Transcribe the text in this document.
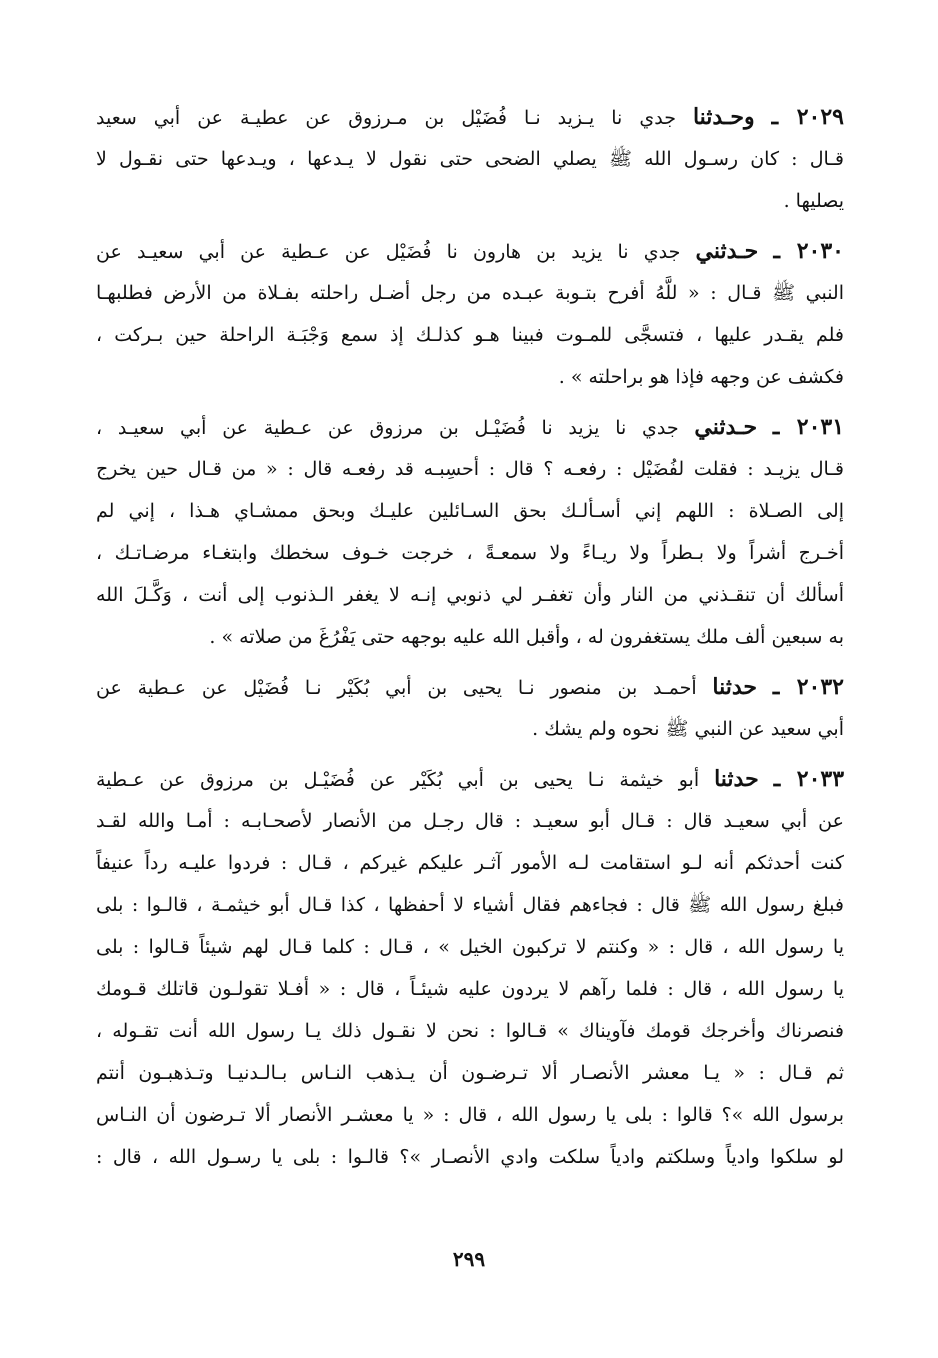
٢٠٢٩ ـ وحـدثنا جدي نا يـزيد نـا فُضَيْل بن مـرزوق عن عطيـة عن أبي سعيد
قـال : كان رسـول الله ﷺ يصلي الضحى حتى نقول لا يـدعها ، ويـدعها حتى نقـول لا
يصليها .
٢٠٣٠ ـ حـدثني جدي نا يزيد بن هارون نا فُضَيْل عن عـطية عن أبي سعيـد عن
النبي ﷺ قـال : « للَّهُ أفرح بتـوبة عبـده من رجل أضـل راحلته بفـلاة من الأرض فطلبهـا
فلم يقـدر عليها ، فتسجَّى للمـوت فبينا هـو كذلـك إذ سمع وَجْبَـة الراحلة حين بـركت ،
فكشف عن وجهه فإذا هو براحلته » .
٢٠٣١ ـ حـدثني جدي نا يزيد نا فُضَيْـل بن مرزوق عن عـطية عن أبي سعيـد ،
قـال يزيـد : فقلت لفُضَيْل : رفعـه ؟ قال : أحسِبـه قد رفعـه قال : « من قـال حين يخرج
إلى الصـلاة : اللهم إني أسـألـك بحق السـائلين عليـك وبحق ممشـاي هـذا ، إني لم
أخـرج أشراً ولا بـطراً ولا ريـاءً ولا سمعـةً ، خرجت خـوف سخطك وابتغـاء مرضـاتـك ،
أسألك أن تنقـذني من النار وأن تغفـر لي ذنوبي إنـه لا يغفر الـذنوب إلى أنت ، وَكَّـلَ الله
به سبعين ألف ملك يستغفرون له ، وأقبل الله عليه بوجهه حتى يَفْرُغَ من صلاته » .
٢٠٣٢ ـ حدثنا أحمـد بن منصور نـا يحيى بن أبي بُكَيْر نـا فُضَيْل عن عـطية عن
أبي سعيد عن النبي ﷺ نحوه ولم يشك .
٢٠٣٣ ـ حدثنا أبو خيثمة نـا يحيى بن أبي بُكَيْر عن فُضَيْـل بن مرزوق عن عـطية
عن أبي سعيـد قال : قـال أبو سعيـد : قال رجـل من الأنصار لأصحـابـه : أمـا والله لقـد
كنت أحدثكم أنه لـو استقامت لـه الأمور آثـر عليكم غيركم ، قـال : فردوا عليـه رداً عنيفاً
فبلغ رسول الله ﷺ قال : فجاءهم فقال أشياء لا أحفظها ، كذا قـال أبو خيثمـة ، قالـوا : بلى
يا رسول الله ، قال : « وكنتم لا تركبون الخيل » ، قـال : كلما قـال لهم شيئاً قـالوا : بلى
يا رسول الله ، قال : فلما رآهم لا يردون عليه شيئـاً ، قال : « أفـلا تقولـون قاتلك قـومك
فنصرناك وأخرجك قومك فآويناك » قـالوا : نحن لا نقـول ذلك يـا رسول الله أنت تقـوله ،
ثم قـال : « يـا معشر الأنصـار ألا تـرضـون أن يـذهب النـاس بـالـدنيـا وتـذهبـون أنتم
برسول الله »؟ قالوا : بلى يا رسول الله ، قال : « يا معشـر الأنصار ألا تـرضون أن النـاس
لو سلكوا وادياً وسلكتم وادياً سلكت وادي الأنصـار »؟ قالـوا : بلى يا رسـول الله ، قال :
٢٩٩
